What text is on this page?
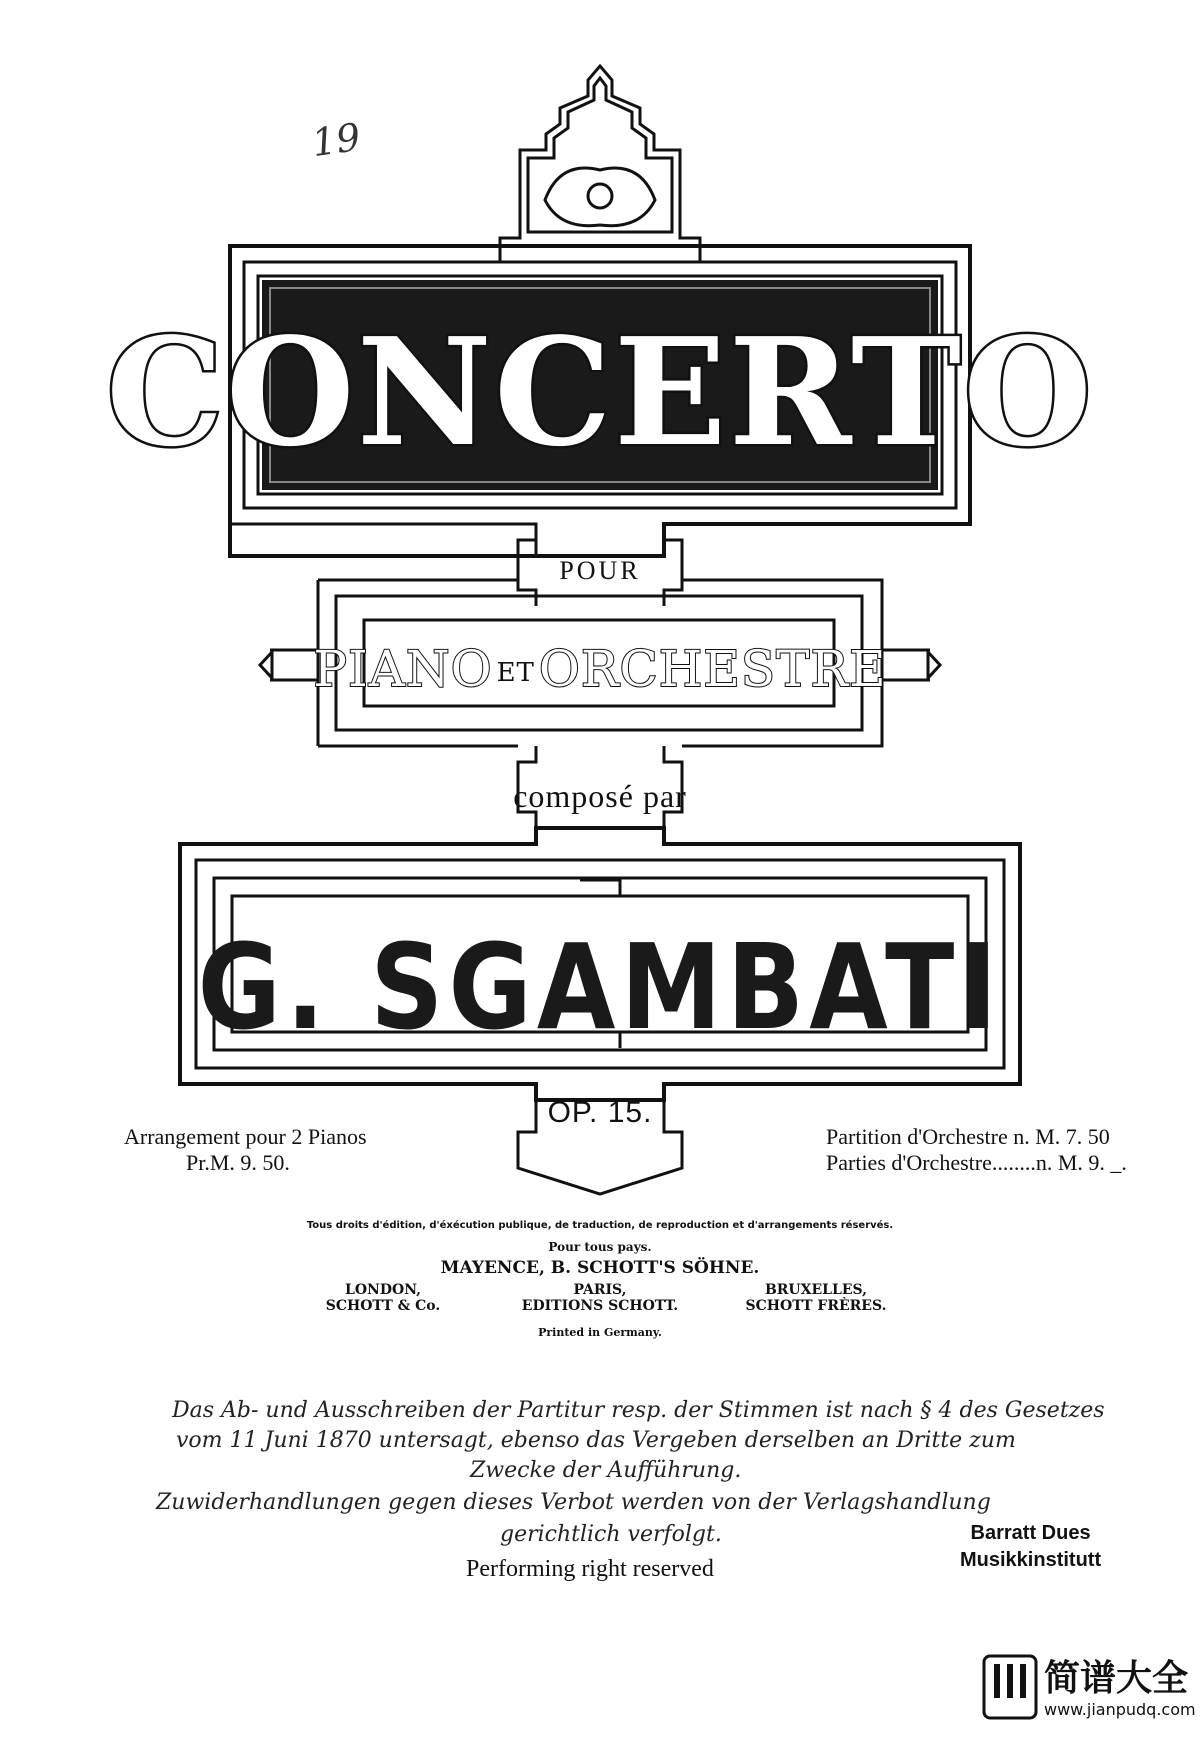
19
CONCERTO
POUR
PIANO ETORCHESTRE
composé par
G. SGAMBATI
OP. 15.
Arrangement pour 2 Pianos
Pr.M. 9. 50.
Partition d'Orchestre n. M. 7. 50
Parties d'Orchestre........n. M. 9. _.
Tous droits d'édition, d'éxécution publique, de traduction, de reproduction et d'arrangements réservés.
Pour tous pays.
MAYENCE, B. SCHOTT'S SÖHNE.
LONDON,
SCHOTT & Co.
PARIS,
EDITIONS SCHOTT.
BRUXELLES,
SCHOTT FRÈRES.
Printed in Germany.
Das Ab- und Ausschreiben der Partitur resp. der Stimmen ist nach § 4 des Gesetzes
vom 11 Juni 1870 untersagt, ebenso das Vergeben derselben an Dritte zum
Zwecke der Aufführung.
Zuwiderhandlungen gegen dieses Verbot werden von der Verlagshandlung
gerichtlich verfolgt.
Performing right reserved
Barratt Dues
Musikkinstitutt
简谱大全
www.jianpudq.com
